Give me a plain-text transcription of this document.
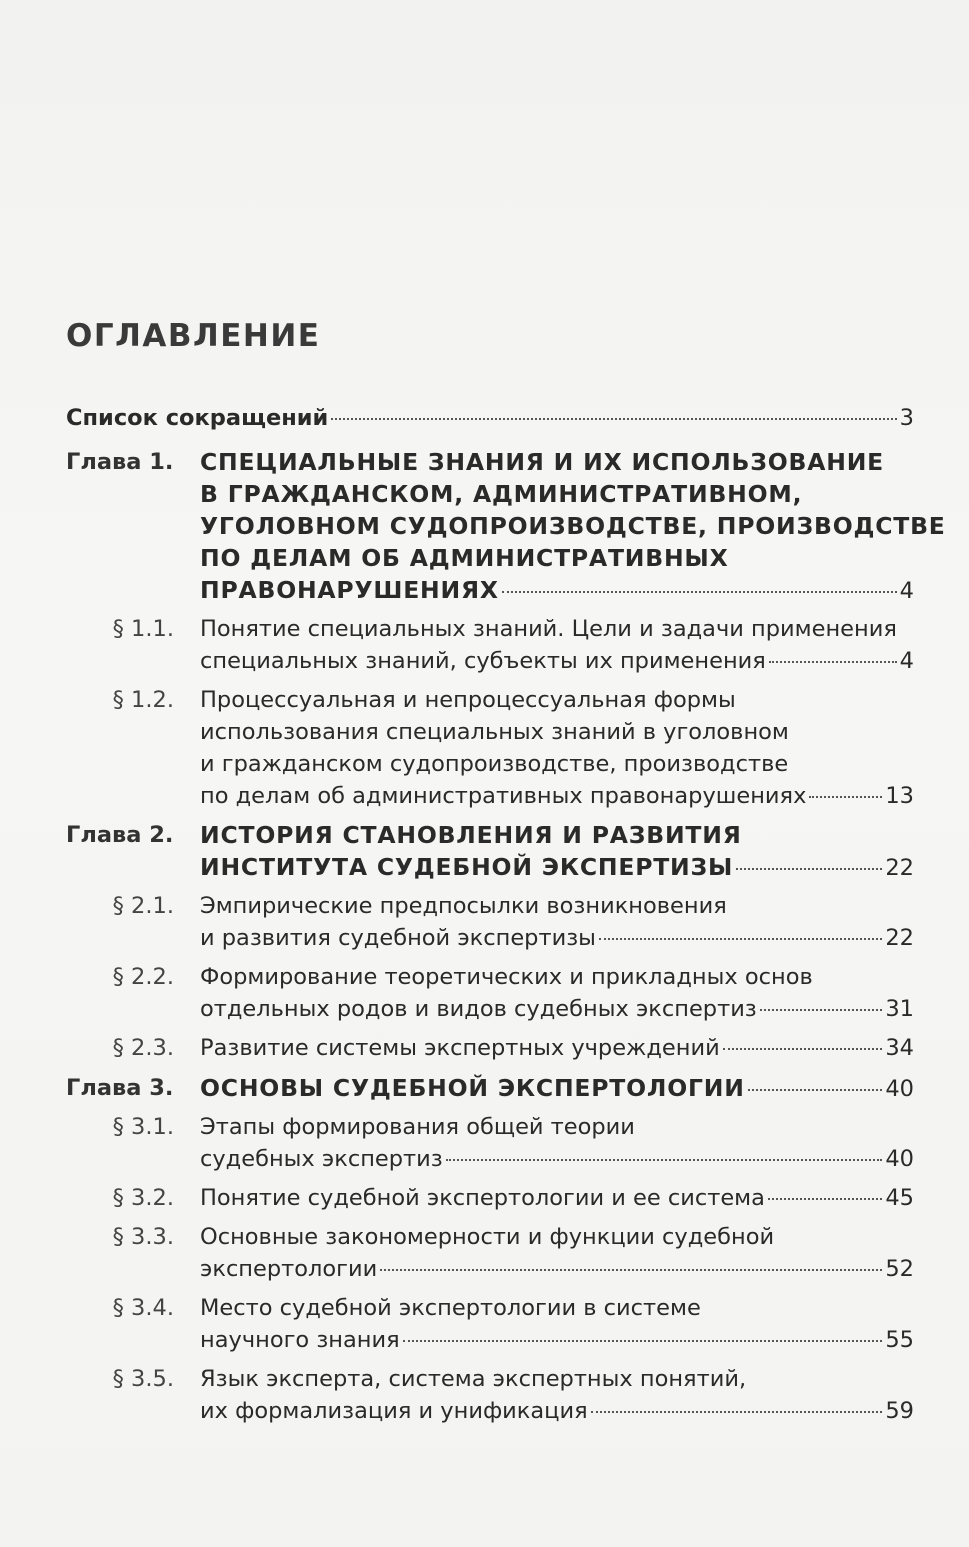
ОГЛАВЛЕНИЕ
Список сокращений	3
Глава 1.	СПЕЦИАЛЬНЫЕ ЗНАНИЯ И ИХ ИСПОЛЬЗОВАНИЕ
В ГРАЖДАНСКОМ, АДМИНИСТРАТИВНОМ,
УГОЛОВНОМ СУДОПРОИЗВОДСТВЕ, ПРОИЗВОДСТВЕ
ПО ДЕЛАМ ОБ АДМИНИСТРАТИВНЫХ
ПРАВОНАРУШЕНИЯХ	4
§ 1.1.	Понятие специальных знаний. Цели и задачи применения
специальных знаний, субъекты их применения	4
§ 1.2.	Процессуальная и непроцессуальная формы
использования специальных знаний в уголовном
и гражданском судопроизводстве, производстве
по делам об административных правонарушениях	13
Глава 2.	ИСТОРИЯ СТАНОВЛЕНИЯ И РАЗВИТИЯ
ИНСТИТУТА СУДЕБНОЙ ЭКСПЕРТИЗЫ	22
§ 2.1.	Эмпирические предпосылки возникновения
и развития судебной экспертизы	22
§ 2.2.	Формирование теоретических и прикладных основ
отдельных родов и видов судебных экспертиз	31
§ 2.3.	Развитие системы экспертных учреждений	34
Глава 3.	ОСНОВЫ СУДЕБНОЙ ЭКСПЕРТОЛОГИИ	40
§ 3.1.	Этапы формирования общей теории
судебных экспертиз	40
§ 3.2.	Понятие судебной экспертологии и ее система	45
§ 3.3.	Основные закономерности и функции судебной
экспертологии	52
§ 3.4.	Место судебной экспертологии в системе
научного знания	55
§ 3.5.	Язык эксперта, система экспертных понятий,
их формализация и унификация	59
